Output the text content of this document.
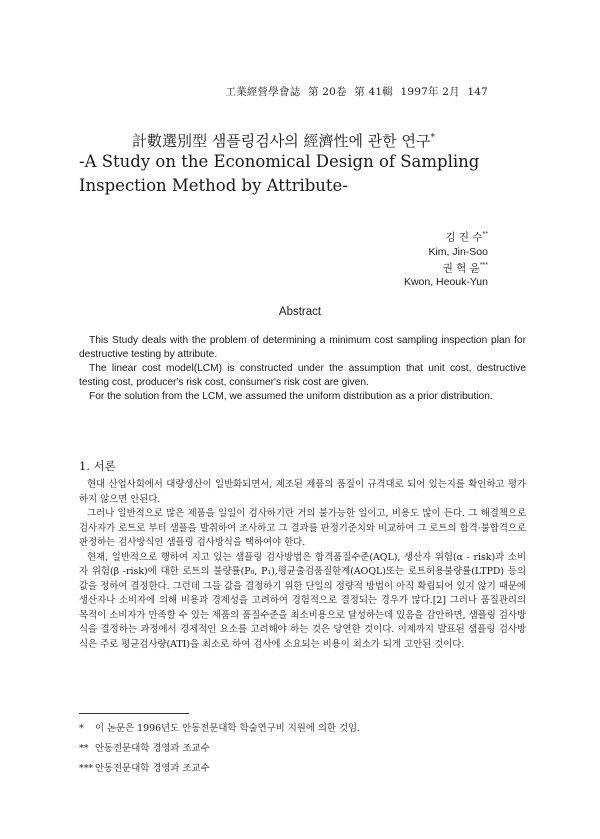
工業經營學會誌 第 20卷 第 41輯 1997年 2月 147
計數選別型 샘플링검사의 經濟性에 관한 연구*
-A Study on the Economical Design of Sampling Inspection Method by Attribute-
김 진 수**
Kim, Jin-Soo
권 혁 윤***
Kwon, Heouk-Yun
Abstract

This Study deals with the problem of determining a minimum cost sampling inspection plan for destructive testing by attribute.

The linear cost model(LCM) is constructed under the assumption that unit cost, destructive testing cost, producer's risk cost, consumer's risk cost are given.

For the solution from the LCM, we assumed the uniform distribution as a prior distribution.

1. 서론

현대 산업사회에서 대량생산이 일반화되면서, 제조된 제품의 품질이 규격대로 되어 있는지를 확인하고 평가하지 않으면 안된다.

그러나 일반적으로 많은 제품을 일일이 검사하기란 거의 불가능한 일이고, 비용도 많이 든다. 그 해결책으로 검사자가 로트로 부터 샘플을 발취하여 조사하고 그 결과를 판정기준치와 비교하여 그 로트의 합격·불합격으로 판정하는 검사방식인 샘플링 검사방식을 택하여야 한다.

현재, 일반적으로 행하여 지고 있는 샘플링 검사방법은 합격품질수준(AQL), 생산자 위험(α - risk)과 소비자 위험(β -risk)에 대한 로트의 불량률(P₀, P₁),평균출검품질한계(AOQL)또는 로트허용불량률(LTPD) 등의 값을 정하여 결정한다. 그런데 그들 값을 결정하기 위한 단일의 정량적 방법이 아직 확립되어 있지 않기 때문에 생산자나 소비자에 의해 비용과 경제성을 고려하여 경험적으로 결정되는 경우가 많다.[2] 그러나 품질관리의 목적이 소비자가 만족할 수 있는 제품의 품질수준을 최소비용으로 달성하는데 있음을 감안하면, 샘플링 검사방식을 결정하는 과정에서 경제적인 요소를 고려해야 하는 것은 당연한 것이다. 이제까지 발표된 샘플링 검사방식은 주로 평균검사량(ATI)을 최소로 하여 검사에 소요되는 비용이 최소가 되게 고안된 것이다.

* 이 논문은 1996년도 안동전문대학 학술연구비 지원에 의한 것임.
** 안동전문대학 경영과 조교수
*** 안동전문대학 경영과 조교수
